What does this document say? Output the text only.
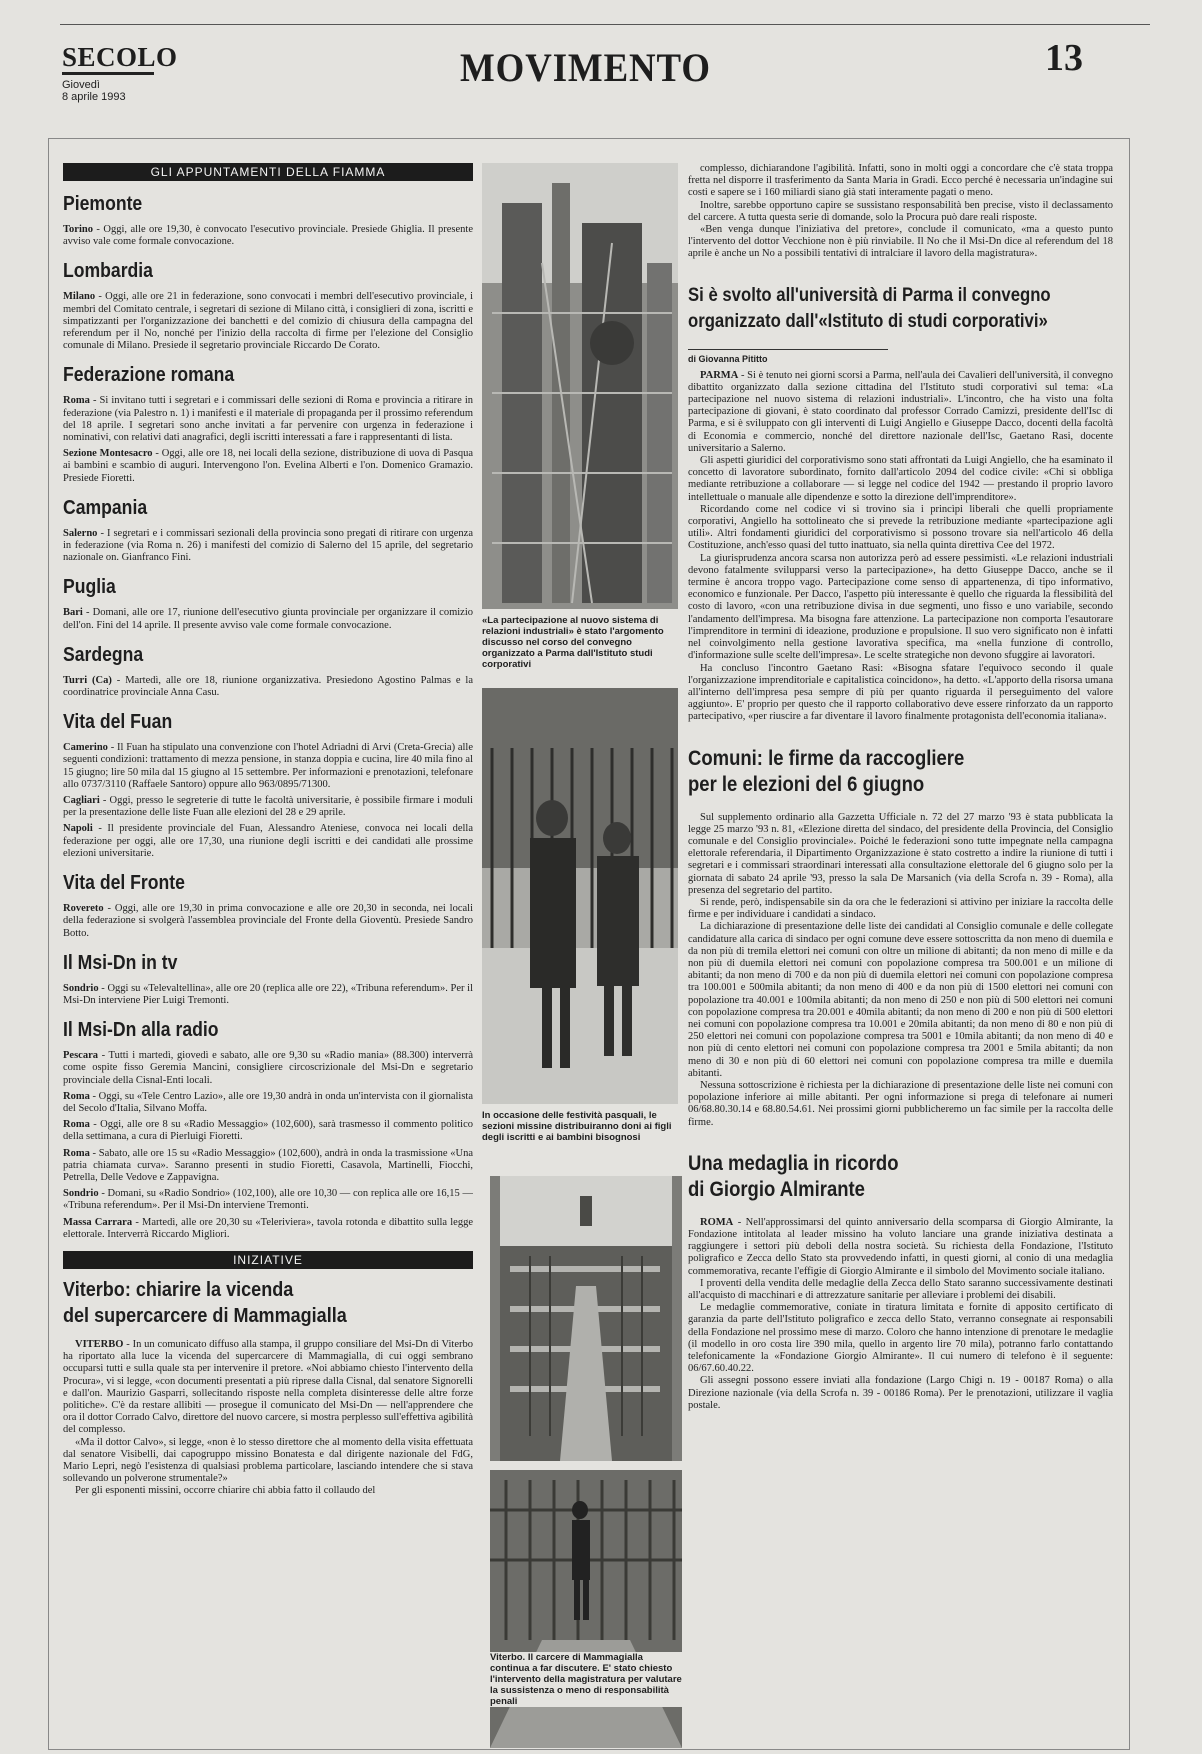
SECOLO
Giovedì
8 aprile 1993
MOVIMENTO	13
GLI APPUNTAMENTI DELLA FIAMMA
Piemonte

Torino - Oggi, alle ore 19,30, è convocato l'esecutivo provinciale. Presiede Ghiglia. Il presente avviso vale come formale convocazione.

Lombardia

Milano - Oggi, alle ore 21 in federazione, sono convocati i membri dell'esecutivo provinciale, i membri del Comitato centrale, i segretari di sezione di Milano città, i consiglieri di zona, iscritti e simpatizzanti per l'organizzazione dei banchetti e del comizio di chiusura della campagna del referendum per il No, nonché per l'inizio della raccolta di firme per l'elezione del Consiglio comunale di Milano. Presiede il segretario provinciale Riccardo De Corato.

Federazione romana

Roma - Si invitano tutti i segretari e i commissari delle sezioni di Roma e provincia a ritirare in federazione (via Palestro n. 1) i manifesti e il materiale di propaganda per il prossimo referendum del 18 aprile. I segretari sono anche invitati a far pervenire con urgenza in federazione i nominativi, con relativi dati anagrafici, degli iscritti interessati a fare i rappresentanti di lista.

Sezione Montesacro - Oggi, alle ore 18, nei locali della sezione, distribuzione di uova di Pasqua ai bambini e scambio di auguri. Intervengono l'on. Evelina Alberti e l'on. Domenico Gramazio. Presiede Fioretti.

Campania

Salerno - I segretari e i commissari sezionali della provincia sono pregati di ritirare con urgenza in federazione (via Roma n. 26) i manifesti del comizio di Salerno del 15 aprile, del segretario nazionale on. Gianfranco Fini.

Puglia

Bari - Domani, alle ore 17, riunione dell'esecutivo giunta provinciale per organizzare il comizio dell'on. Fini del 14 aprile. Il presente avviso vale come formale convocazione.

Sardegna

Turri (Ca) - Martedì, alle ore 18, riunione organizzativa. Presiedono Agostino Palmas e la coordinatrice provinciale Anna Casu.

Vita del Fuan

Camerino - Il Fuan ha stipulato una convenzione con l'hotel Adriadni di Arvi (Creta-Grecia) alle seguenti condizioni: trattamento di mezza pensione, in stanza doppia e cucina, lire 40 mila fino al 15 giugno; lire 50 mila dal 15 giugno al 15 settembre. Per informazioni e prenotazioni, telefonare allo 0737/3110 (Raffaele Santoro) oppure allo 963/0895/71300.

Cagliari - Oggi, presso le segreterie di tutte le facoltà universitarie, è possibile firmare i moduli per la presentazione delle liste Fuan alle elezioni del 28 e 29 aprile.

Napoli - Il presidente provinciale del Fuan, Alessandro Ateniese, convoca nei locali della federazione per oggi, alle ore 17,30, una riunione degli iscritti e dei candidati alle prossime elezioni universitarie.

Vita del Fronte

Rovereto - Oggi, alle ore 19,30 in prima convocazione e alle ore 20,30 in seconda, nei locali della federazione si svolgerà l'assemblea provinciale del Fronte della Gioventù. Presiede Sandro Botto.

Il Msi-Dn in tv

Sondrio - Oggi su «Televaltellina», alle ore 20 (replica alle ore 22), «Tribuna referendum». Per il Msi-Dn interviene Pier Luigi Tremonti.

Il Msi-Dn alla radio

Pescara - Tutti i martedì, giovedì e sabato, alle ore 9,30 su «Radio mania» (88.300) interverrà come ospite fisso Geremia Mancini, consigliere circoscrizionale del Msi-Dn e segretario provinciale della Cisnal-Enti locali.

Roma - Oggi, su «Tele Centro Lazio», alle ore 19,30 andrà in onda un'intervista con il giornalista del Secolo d'Italia, Silvano Moffa.

Roma - Oggi, alle ore 8 su «Radio Messaggio» (102,600), sarà trasmesso il commento politico della settimana, a cura di Pierluigi Fioretti.

Roma - Sabato, alle ore 15 su «Radio Messaggio» (102,600), andrà in onda la trasmissione «Una patria chiamata curva». Saranno presenti in studio Fioretti, Casavola, Martinelli, Fiocchi, Petrella, Delle Vedove e Zappavigna.

Sondrio - Domani, su «Radio Sondrio» (102,100), alle ore 10,30 — con replica alle ore 16,15 — «Tribuna referendum». Per il Msi-Dn interviene Tremonti.

Massa Carrara - Martedì, alle ore 20,30 su «Teleriviera», tavola rotonda e dibattito sulla legge elettorale. Interverrà Riccardo Migliori.

INIZIATIVE
Viterbo: chiarire la vicenda
del supercarcere di Mammagialla

VITERBO - In un comunicato diffuso alla stampa, il gruppo consiliare del Msi-Dn di Viterbo ha riportato alla luce la vicenda del supercarcere di Mammagialla, di cui oggi sembrano occuparsi tutti e sulla quale sta per intervenire il pretore. «Noi abbiamo chiesto l'intervento della Procura», vi si legge, «con documenti presentati a più riprese dalla Cisnal, dal senatore Signorelli e dall'on. Maurizio Gasparri, sollecitando risposte nella completa disinteresse delle altre forze politiche». C'è da restare allibiti — prosegue il comunicato del Msi-Dn — nell'apprendere che ora il dottor Corrado Calvo, direttore del nuovo carcere, si mostra perplesso sull'effettiva agibilità del complesso.

«Ma il dottor Calvo», si legge, «non è lo stesso direttore che al momento della visita effettuata dal senatore Visibelli, dai capogruppo missino Bonatesta e dal dirigente nazionale del FdG, Mario Lepri, negò l'esistenza di qualsiasi problema particolare, lasciando intendere che si stava sollevando un polverone strumentale?»

Per gli esponenti missini, occorre chiarire chi abbia fatto il collaudo del

«La partecipazione al nuovo sistema di relazioni industriali» è stato l'argomento discusso nel corso del convegno organizzato a Parma dall'Istituto studi corporativi
In occasione delle festività pasquali, le sezioni missine distribuiranno doni ai figli degli iscritti e ai bambini bisognosi
Viterbo. Il carcere di Mammagialla continua a far discutere. E' stato chiesto l'intervento della magistratura per valutare la sussistenza o meno di responsabilità penali

complesso, dichiarandone l'agibilità. Infatti, sono in molti oggi a concordare che c'è stata troppa fretta nel disporre il trasferimento da Santa Maria in Gradi. Ecco perché è necessaria un'indagine sui costi e sapere se i 160 miliardi siano già stati interamente pagati o meno.

Inoltre, sarebbe opportuno capire se sussistano responsabilità ben precise, visto il declassamento del carcere. A tutta questa serie di domande, solo la Procura può dare reali risposte.

«Ben venga dunque l'iniziativa del pretore», conclude il comunicato, «ma a questo punto l'intervento del dottor Vecchione non è più rinviabile. Il No che il Msi-Dn dice al referendum del 18 aprile è anche un No a possibili tentativi di intralciare il lavoro della magistratura».

Si è svolto all'università di Parma il convegno
organizzato dall'«Istituto di studi corporativi»
di Giovanna Pititto

PARMA - Si è tenuto nei giorni scorsi a Parma, nell'aula dei Cavalieri dell'università, il convegno dibattito organizzato dalla sezione cittadina del l'Istituto studi corporativi sul tema: «La partecipazione nel nuovo sistema di relazioni industriali». L'incontro, che ha visto una folta partecipazione di giovani, è stato coordinato dal professor Corrado Camizzi, presidente dell'Isc di Parma, e si è sviluppato con gli interventi di Luigi Angiello e Giuseppe Dacco, docenti della facoltà di Economia e commercio, nonché del direttore nazionale dell'Isc, Gaetano Rasi, docente universitario a Salerno.

Gli aspetti giuridici del corporativismo sono stati affrontati da Luigi Angiello, che ha esaminato il concetto di lavoratore subordinato, fornito dall'articolo 2094 del codice civile: «Chi si obbliga mediante retribuzione a collaborare — si legge nel codice del 1942 — prestando il proprio lavoro intellettuale o manuale alle dipendenze e sotto la direzione dell'imprenditore».

Ricordando come nel codice vi si trovino sia i princìpi liberali che quelli propriamente corporativi, Angiello ha sottolineato che si prevede la retribuzione mediante «partecipazione agli utili». Altri fondamenti giuridici del corporativismo si possono trovare sia nell'articolo 46 della Costituzione, anch'esso quasi del tutto inattuato, sia nella quinta direttiva Cee del 1972.

La giurisprudenza ancora scarsa non autorizza però ad essere pessimisti. «Le relazioni industriali devono fatalmente svilupparsi verso la partecipazione», ha detto Giuseppe Dacco, anche se il termine è ancora troppo vago. Partecipazione come senso di appartenenza, di tipo informativo, economico e funzionale. Per Dacco, l'aspetto più interessante è quello che riguarda la flessibilità del costo di lavoro, «con una retribuzione divisa in due segmenti, uno fisso e uno variabile, secondo l'andamento dell'impresa. Ma bisogna fare attenzione. La partecipazione non comporta l'esautorare l'imprenditore in termini di ideazione, produzione e propulsione. Il suo vero significato non è infatti nel coinvolgimento nella gestione lavorativa specifica, ma «nella funzione di controllo, d'informazione sulle scelte dell'impresa». Le scelte strategiche non devono sfuggire ai lavoratori.

Ha concluso l'incontro Gaetano Rasi: «Bisogna sfatare l'equivoco secondo il quale l'organizzazione imprenditoriale e capitalistica coincidono», ha detto. «L'apporto della risorsa umana all'interno dell'impresa pesa sempre di più per quanto riguarda il perseguimento del valore aggiunto». E' proprio per questo che il rapporto collaborativo deve essere rinforzato da un rapporto partecipativo, «per riuscire a far diventare il lavoro finalmente protagonista dell'economia italiana».

Comuni: le firme da raccogliere
per le elezioni del 6 giugno

Sul supplemento ordinario alla Gazzetta Ufficiale n. 72 del 27 marzo '93 è stata pubblicata la legge 25 marzo '93 n. 81, «Elezione diretta del sindaco, del presidente della Provincia, del Consiglio comunale e del Consiglio provinciale». Poiché le federazioni sono tutte impegnate nella campagna elettorale referendaria, il Dipartimento Organizzazione è stato costretto a indire la riunione di tutti i segretari e i commissari straordinari interessati alla consultazione elettorale del 6 giugno solo per la giornata di sabato 24 aprile '93, presso la sala De Marsanich (via della Scrofa n. 39 - Roma), alla presenza del segretario del partito.

Si rende, però, indispensabile sin da ora che le federazioni si attivino per iniziare la raccolta delle firme e per individuare i candidati a sindaco.

La dichiarazione di presentazione delle liste dei candidati al Consiglio comunale e delle collegate candidature alla carica di sindaco per ogni comune deve essere sottoscritta da non meno di duemila e da non più di tremila elettori nei comuni con oltre un milione di abitanti; da non meno di mille e da non più di duemila elettori nei comuni con popolazione compresa tra 500.001 e un milione di abitanti; da non meno di 700 e da non più di duemila elettori nei comuni con popolazione compresa tra 100.001 e 500mila abitanti; da non meno di 400 e da non più di 1500 elettori nei comuni con popolazione tra 40.001 e 100mila abitanti; da non meno di 250 e non più di 500 elettori nei comuni con popolazione compresa tra 20.001 e 40mila abitanti; da non meno di 200 e non più di 500 elettori nei comuni con popolazione compresa tra 10.001 e 20mila abitanti; da non meno di 80 e non più di 250 elettori nei comuni con popolazione compresa tra 5001 e 10mila abitanti; da non meno di 40 e non più di cento elettori nei comuni con popolazione compresa tra 2001 e 5mila abitanti; da non meno di 30 e non più di 60 elettori nei comuni con popolazione compresa tra mille e duemila abitanti.

Nessuna sottoscrizione è richiesta per la dichiarazione di presentazione delle liste nei comuni con popolazione inferiore ai mille abitanti. Per ogni informazione si prega di telefonare ai numeri 06/68.80.30.14 e 68.80.54.61. Nei prossimi giorni pubblicheremo un fac simile per la raccolta delle firme.

Una medaglia in ricordo
di Giorgio Almirante

ROMA - Nell'approssimarsi del quinto anniversario della scomparsa di Giorgio Almirante, la Fondazione intitolata al leader missino ha voluto lanciare una grande iniziativa destinata a raggiungere i settori più deboli della nostra società. Su richiesta della Fondazione, l'Istituto poligrafico e Zecca dello Stato sta provvedendo infatti, in questi giorni, al conio di una medaglia commemorativa, recante l'effigie di Giorgio Almirante e il simbolo del Movimento sociale italiano.

I proventi della vendita delle medaglie della Zecca dello Stato saranno successivamente destinati all'acquisto di macchinari e di attrezzature sanitarie per alleviare i problemi dei disabili.

Le medaglie commemorative, coniate in tiratura limitata e fornite di apposito certificato di garanzia da parte dell'Istituto poligrafico e zecca dello Stato, verranno consegnate ai responsabili della Fondazione nel prossimo mese di marzo. Coloro che hanno intenzione di prenotare le medaglie (il modello in oro costa lire 390 mila, quello in argento lire 70 mila), potranno farlo contattando telefonicamente la «Fondazione Giorgio Almirante». Il cui numero di telefono è il seguente: 06/67.60.40.22.

Gli assegni possono essere inviati alla fondazione (Largo Chigi n. 19 - 00187 Roma) o alla Direzione nazionale (via della Scrofa n. 39 - 00186 Roma). Per le prenotazioni, utilizzare il vaglia postale.
